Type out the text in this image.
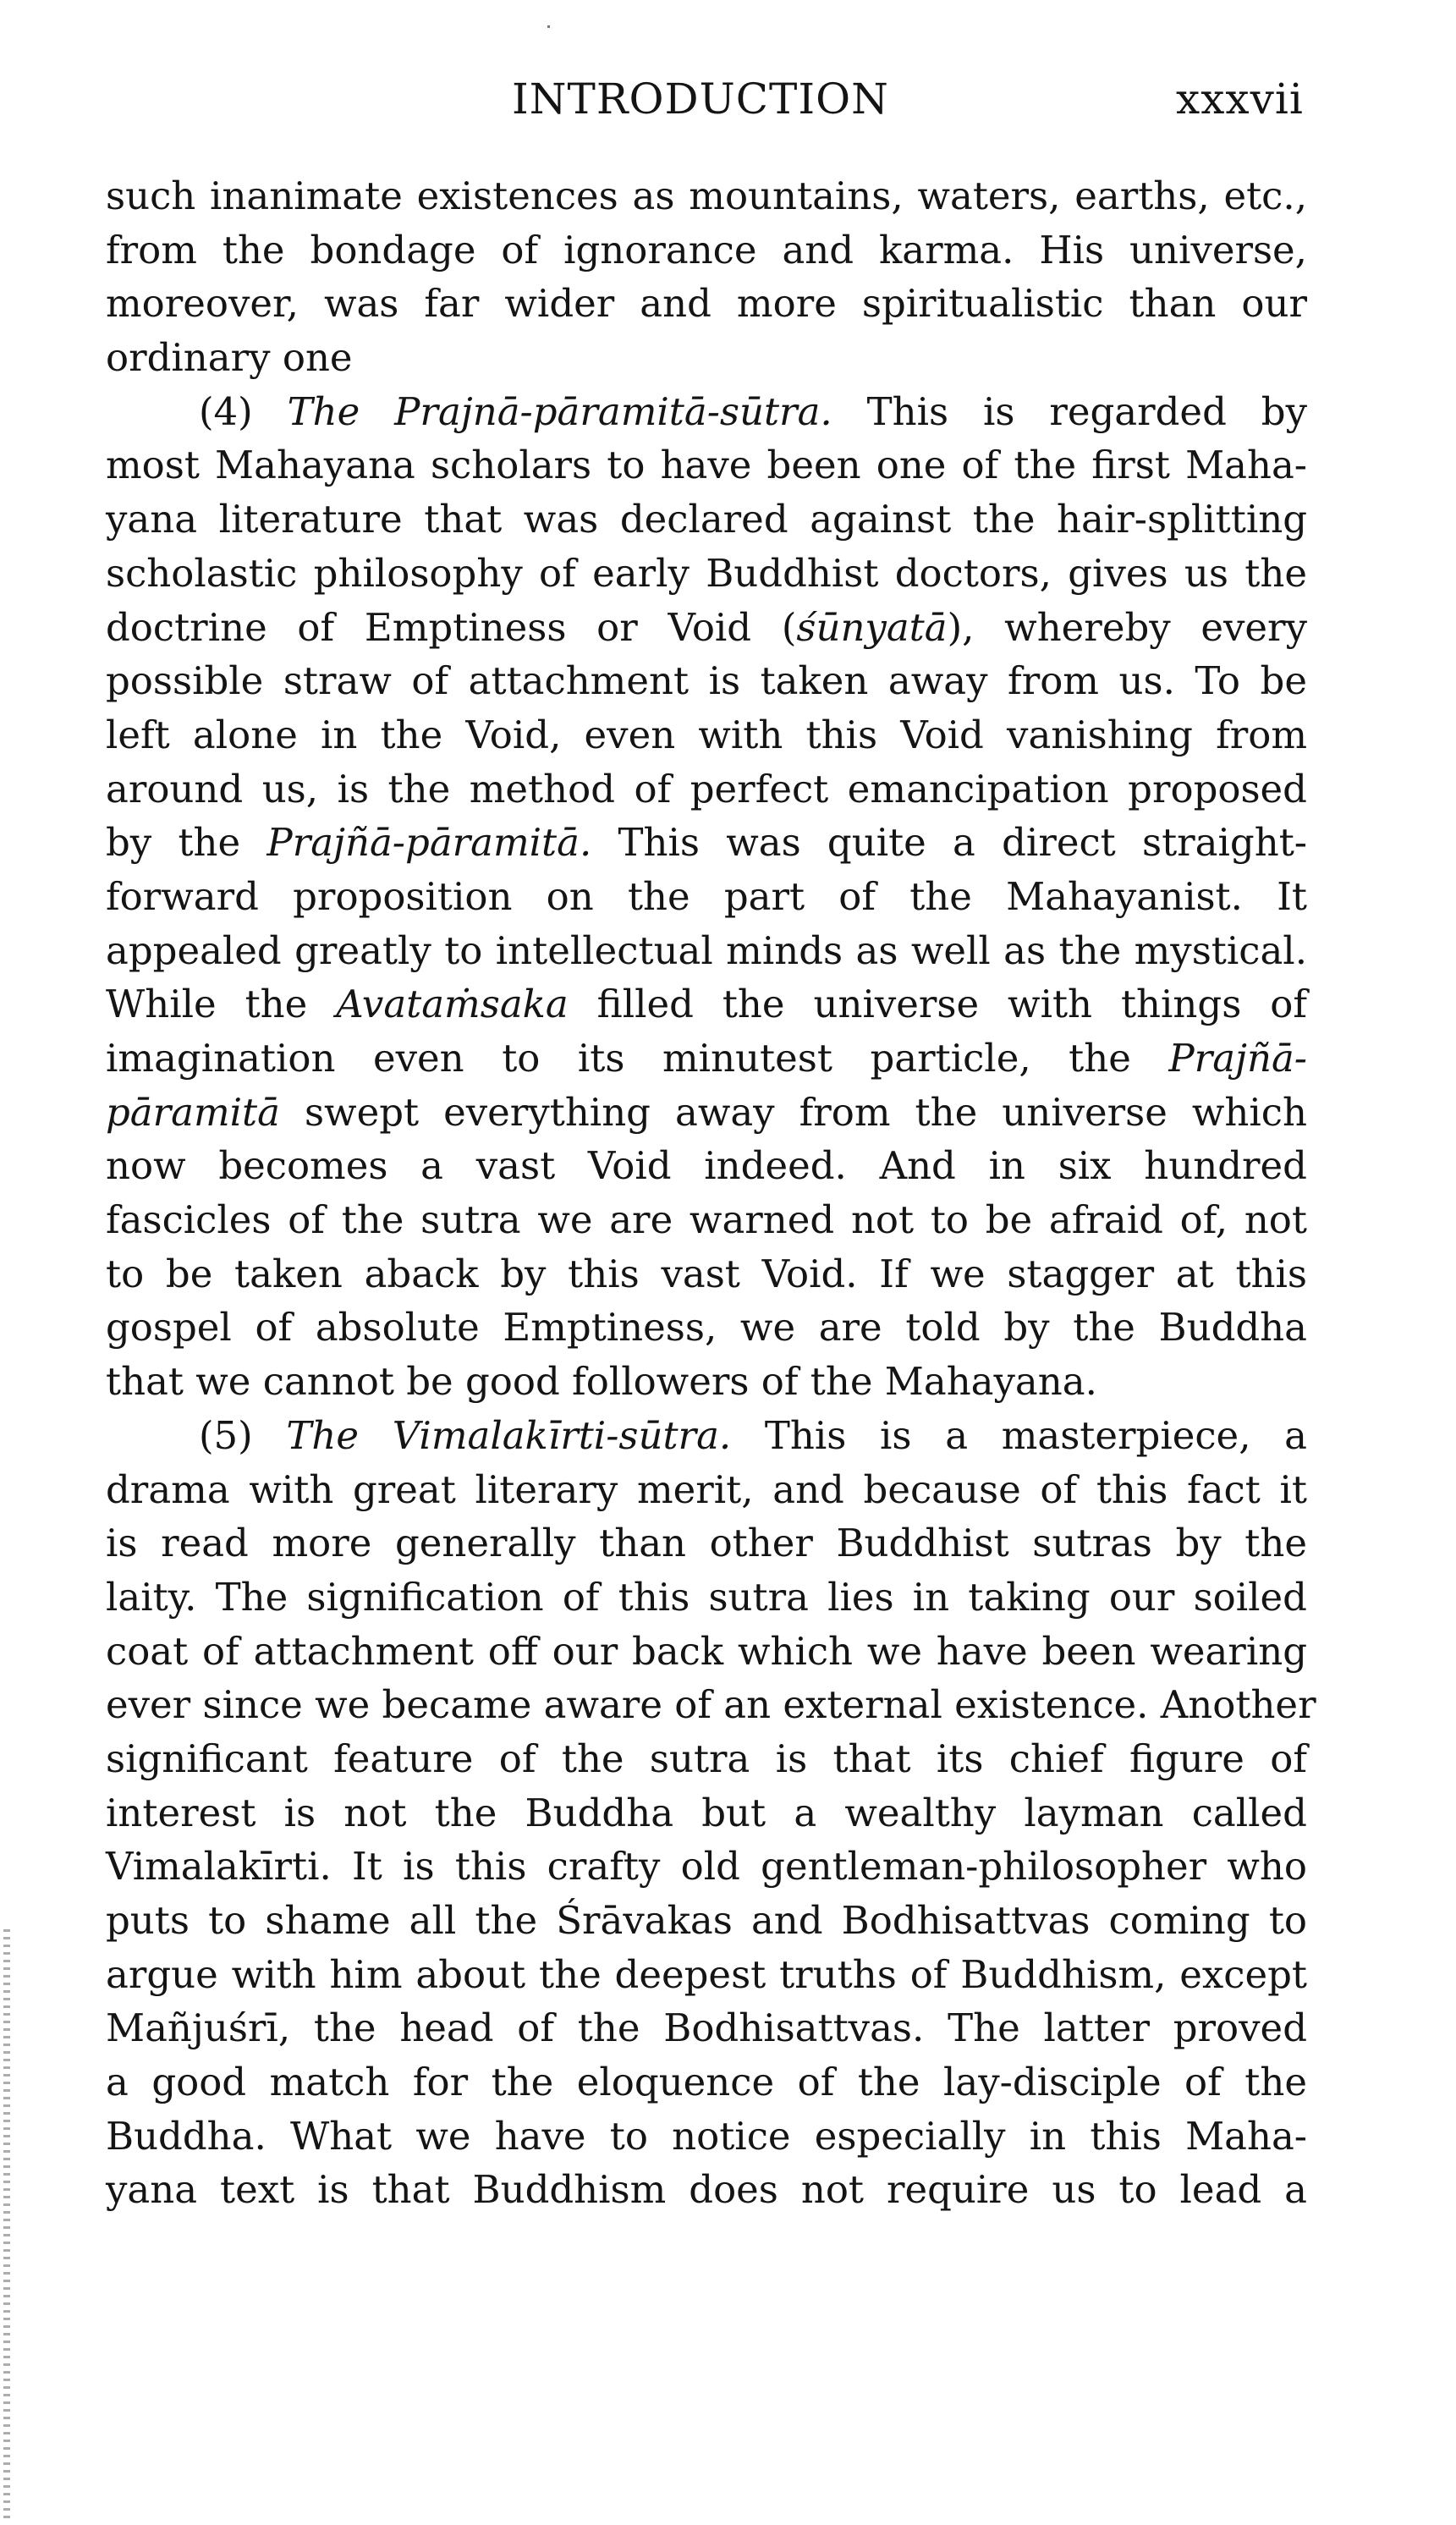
INTRODUCTION	xxxvii
such inanimate existences as mountains, waters, earths, etc.,
from the bondage of ignorance and karma. His universe,
moreover, was far wider and more spiritualistic than our
ordinary one
(4) The Prajnā-pāramitā-sūtra. This is regarded by
most Mahayana scholars to have been one of the first Maha-
yana literature that was declared against the hair-splitting
scholastic philosophy of early Buddhist doctors, gives us the
doctrine of Emptiness or Void (śūnyatā), whereby every
possible straw of attachment is taken away from us. To be
left alone in the Void, even with this Void vanishing from
around us, is the method of perfect emancipation proposed
by the Prajñā-pāramitā. This was quite a direct straight-
forward proposition on the part of the Mahayanist. It
appealed greatly to intellectual minds as well as the mystical.
While the Avataṁsaka filled the universe with things of
imagination even to its minutest particle, the Prajñā-
pāramitā swept everything away from the universe which
now becomes a vast Void indeed. And in six hundred
fascicles of the sutra we are warned not to be afraid of, not
to be taken aback by this vast Void. If we stagger at this
gospel of absolute Emptiness, we are told by the Buddha
that we cannot be good followers of the Mahayana.
(5) The Vimalakīrti-sūtra. This is a masterpiece, a
drama with great literary merit, and because of this fact it
is read more generally than other Buddhist sutras by the
laity. The signification of this sutra lies in taking our soiled
coat of attachment off our back which we have been wearing
ever since we became aware of an external existence. Another
significant feature of the sutra is that its chief figure of
interest is not the Buddha but a wealthy layman called
Vimalakīrti. It is this crafty old gentleman-philosopher who
puts to shame all the Śrāvakas and Bodhisattvas coming to
argue with him about the deepest truths of Buddhism, except
Mañjuśrī, the head of the Bodhisattvas. The latter proved
a good match for the eloquence of the lay-disciple of the
Buddha. What we have to notice especially in this Maha-
yana text is that Buddhism does not require us to lead a
